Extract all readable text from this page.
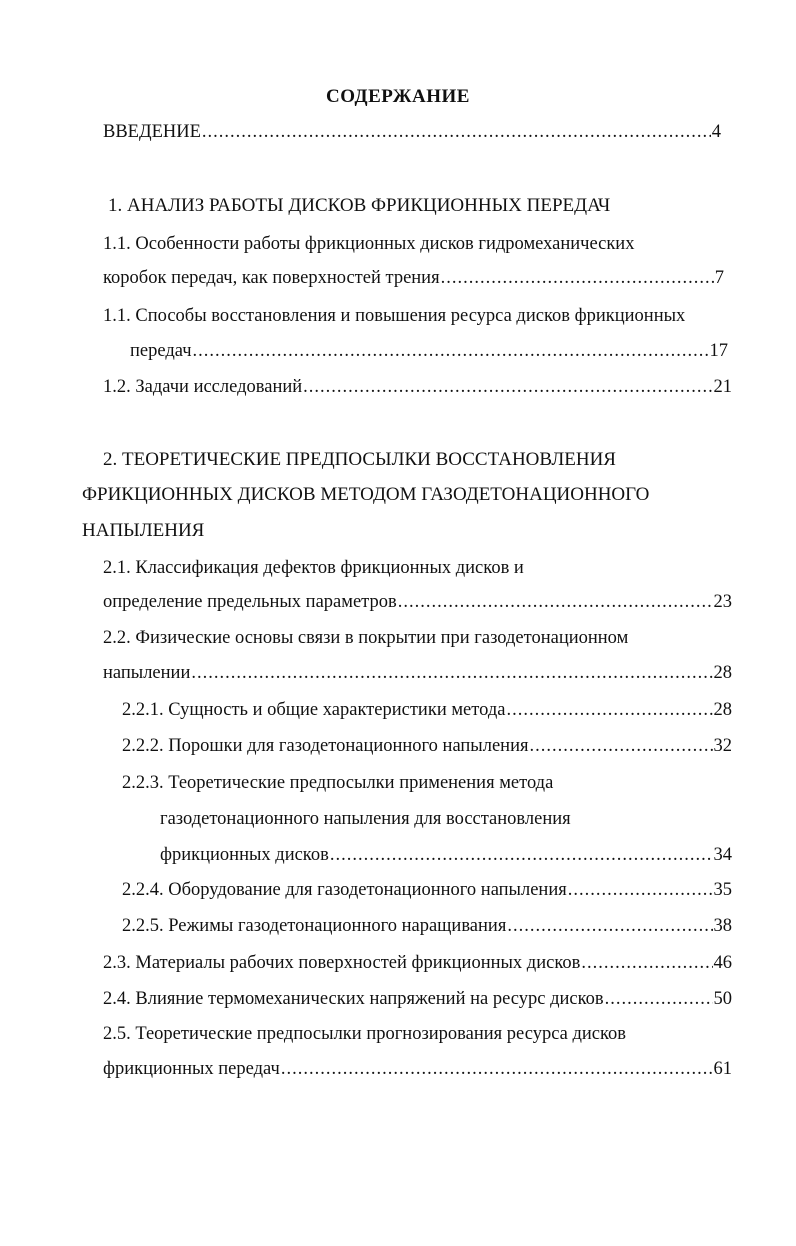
СОДЕРЖАНИЕ
ВВЕДЕНИЕ .....	4
1. АНАЛИЗ РАБОТЫ ДИСКОВ ФРИКЦИОННЫХ ПЕРЕДАЧ
1.1. Особенности работы фрикционных дисков гидромеханических
коробок передач, как поверхностей трения .....	7
1.1. Способы восстановления и повышения ресурса дисков фрикционных
передач .....	17
1.2. Задачи исследований .....	21
2. ТЕОРЕТИЧЕСКИЕ ПРЕДПОСЫЛКИ ВОССТАНОВЛЕНИЯ
ФРИКЦИОННЫХ ДИСКОВ МЕТОДОМ ГАЗОДЕТОНАЦИОННОГО
НАПЫЛЕНИЯ
2.1. Классификация дефектов фрикционных дисков и
определение предельных параметров .....	23
2.2. Физические основы связи в покрытии при газодетонационном
напылении .....	28
2.2.1. Сущность и общие характеристики метода .....	28
2.2.2. Порошки для газодетонационного напыления .....	32
2.2.3. Теоретические предпосылки применения метода
газодетонационного напыления для восстановления
фрикционных дисков .....	34
2.2.4. Оборудование для газодетонационного напыления .....	35
2.2.5. Режимы газодетонационного наращивания .....	38
2.3. Материалы рабочих поверхностей фрикционных дисков .....	46
2.4. Влияние термомеханических напряжений на ресурс дисков .....	50
2.5. Теоретические предпосылки прогнозирования ресурса дисков
фрикционных передач .....	61
